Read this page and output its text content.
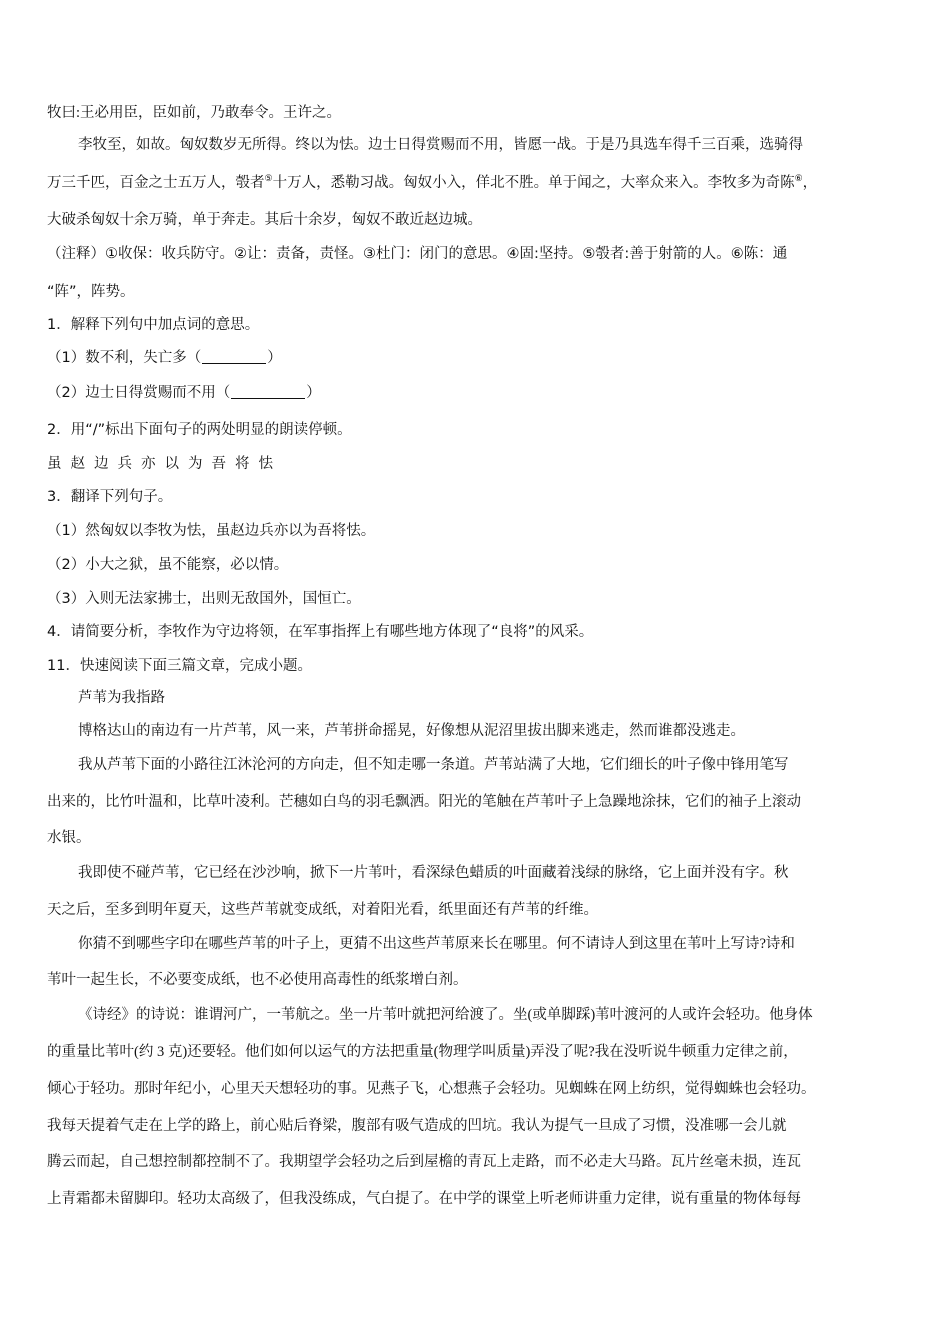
牧曰:王必用臣，臣如前，乃敢奉令。王许之。
李牧至，如故。匈奴数岁无所得。终以为怯。边士日得赏赐而不用，皆愿一战。于是乃具选车得千三百乘，选骑得
万三千匹，百金之士五万人，彀者⑤十万人，悉勒习战。匈奴小入，佯北不胜。单于闻之，大率众来入。李牧多为奇陈⑥，
大破杀匈奴十余万骑，单于奔走。其后十余岁，匈奴不敢近赵边城。
（注释）①收保：收兵防守。②让：责备，责怪。③杜门：闭门的意思。④固:坚持。⑤彀者:善于射箭的人。⑥陈：通
“阵”，阵势。
1．解释下列句中加点词的意思。
（1）数不利，失亡多（	）
（2）边士日得赏赐而不用（	）
2．用“/”标出下面句子的两处明显的朗读停顿。
虽赵边兵亦以为吾将怯
3．翻译下列句子。
（1）然匈奴以李牧为怯，虽赵边兵亦以为吾将怯。
（2）小大之狱，虽不能察，必以情。
（3）入则无法家拂士，出则无敌国外，国恒亡。
4．请简要分析，李牧作为守边将领，在军事指挥上有哪些地方体现了“良将”的风采。
11．快速阅读下面三篇文章，完成小题。
芦苇为我指路
博格达山的南边有一片芦苇，风一来，芦苇拼命摇晃，好像想从泥沼里拔出脚来逃走，然而谁都没逃走。
我从芦苇下面的小路往江沐沦河的方向走，但不知走哪一条道。芦苇站满了大地，它们细长的叶子像中锋用笔写
出来的，比竹叶温和，比草叶凌利。芒穗如白鸟的羽毛飘洒。阳光的笔触在芦苇叶子上急躁地涂抹，它们的袖子上滚动
水银。
我即使不碰芦苇，它已经在沙沙响，掀下一片苇叶，看深绿色蜡质的叶面藏着浅绿的脉络，它上面并没有字。秋
天之后，至多到明年夏天，这些芦苇就变成纸，对着阳光看，纸里面还有芦苇的纤维。
你猜不到哪些字印在哪些芦苇的叶子上，更猜不出这些芦苇原来长在哪里。何不请诗人到这里在苇叶上写诗?诗和
苇叶一起生长，不必要变成纸，也不必使用高毒性的纸浆增白剂。
《诗经》的诗说：谁谓河广，一苇航之。坐一片苇叶就把河给渡了。坐(或单脚踩)苇叶渡河的人或许会轻功。他身体
的重量比苇叶(约 3 克)还要轻。他们如何以运气的方法把重量(物理学叫质量)弄没了呢?我在没听说牛顿重力定律之前，
倾心于轻功。那时年纪小，心里天天想轻功的事。见燕子飞，心想燕子会轻功。见蜘蛛在网上纺织，觉得蜘蛛也会轻功。
我每天提着气走在上学的路上，前心贴后脊梁，腹部有吸气造成的凹坑。我认为提气一旦成了习惯，没准哪一会儿就
腾云而起，自己想控制都控制不了。我期望学会轻功之后到屋檐的青瓦上走路，而不必走大马路。瓦片丝毫未损，连瓦
上青霜都未留脚印。轻功太高级了，但我没练成，气白提了。在中学的课堂上听老师讲重力定律，说有重量的物体每每
